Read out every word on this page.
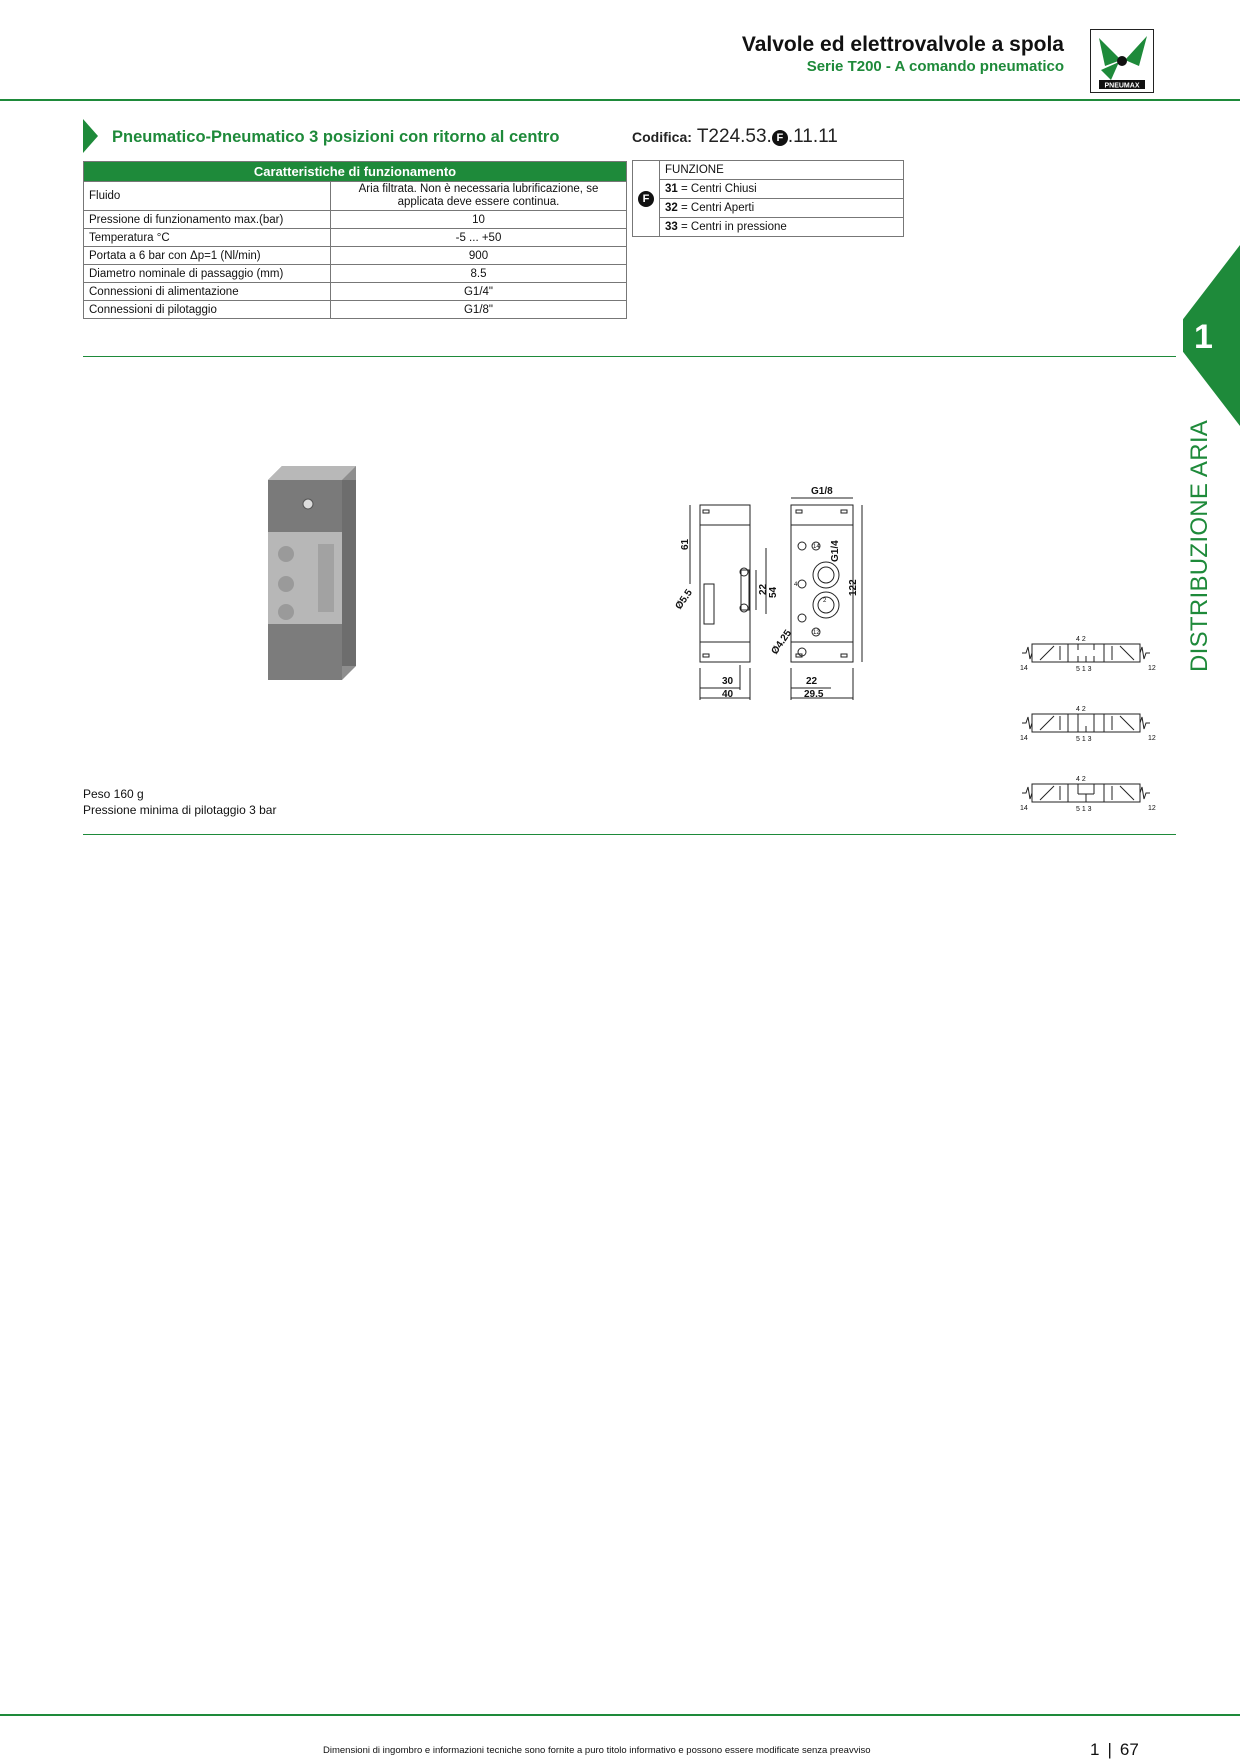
Valvole ed elettrovalvole a spola
Serie T200 - A comando pneumatico
PNEUMAX
Pneumatico-Pneumatico 3 posizioni con ritorno al centro	Codifica: T224.53. F .11.11
Caratteristiche di funzionamento	
Fluido	Aria filtrata. Non è necessaria lubrificazione, se applicata deve essere continua.
Pressione di funzionamento max.(bar)	10
Temperatura °C	-5 ... +50
Portata a 6 bar con Δp=1 (Nl/min)	900
Diametro nominale di passaggio (mm)	8.5
Connessioni di alimentazione	G1/4"
Connessioni di pilotaggio	G1/8"
F	FUNZIONE
31 = Centri Chiusi
32 = Centri Aperti
33 = Centri in pressione
1
DISTRIBUZIONE ARIA
G1/8
G1/4
61
22 54	122
30
40
22
29.5
Ø5.5
Ø4.25
14
4
2
12
14	12
4 2
5 1 3
14	12
4 2
5 1 3
14	12
4 2
5 1 3
Peso 160 g
Pressione minima di pilotaggio 3 bar
Dimensioni di ingombro e informazioni tecniche sono fornite a puro titolo informativo e possono essere modificate senza preavviso	1 | 67
